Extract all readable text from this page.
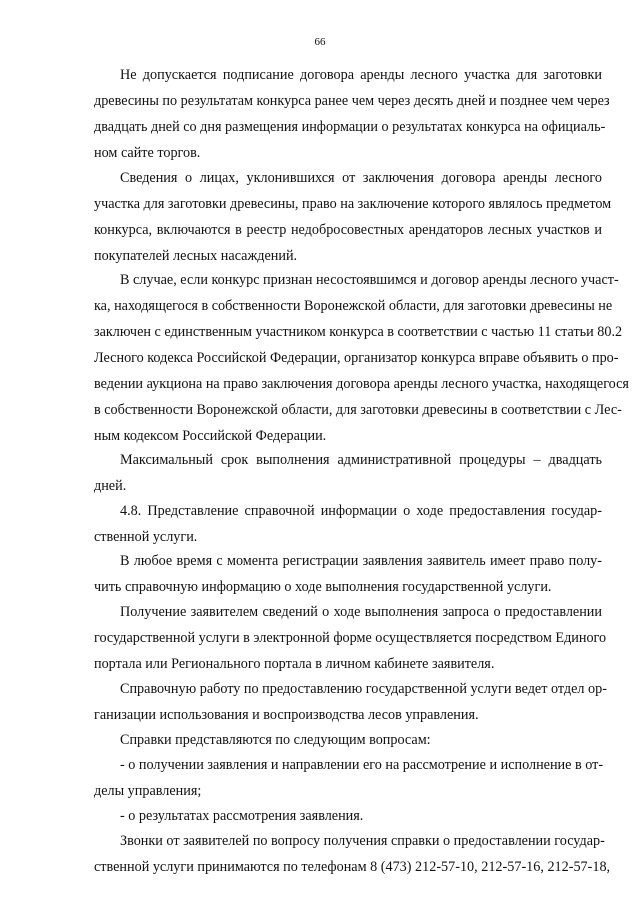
66
Не допускается подписание договора аренды лесного участка для заготовки
древесины по результатам конкурса ранее чем через десять дней и позднее чем через
двадцать дней со дня размещения информации о результатах конкурса на официаль-
ном сайте торгов.
Сведения о лицах, уклонившихся от заключения договора аренды лесного
участка для заготовки древесины, право на заключение которого являлось предметом
конкурса, включаются в реестр недобросовестных арендаторов лесных участков и
покупателей лесных насаждений.
В случае, если конкурс признан несостоявшимся и договор аренды лесного участ-
ка, находящегося в собственности Воронежской области, для заготовки древесины не
заключен с единственным участником конкурса в соответствии с частью 11 статьи 80.2
Лесного кодекса Российской Федерации, организатор конкурса вправе объявить о про-
ведении аукциона на право заключения договора аренды лесного участка, находящегося
в собственности Воронежской области, для заготовки древесины в соответствии с Лес-
ным кодексом Российской Федерации.
Максимальный срок выполнения административной процедуры – двадцать
дней.
4.8. Представление справочной информации о ходе предоставления государ-
ственной услуги.
В любое время с момента регистрации заявления заявитель имеет право полу-
чить справочную информацию о ходе выполнения государственной услуги.
Получение заявителем сведений о ходе выполнения запроса о предоставлении
государственной услуги в электронной форме осуществляется посредством Единого
портала или Регионального портала в личном кабинете заявителя.
Справочную работу по предоставлению государственной услуги ведет отдел ор-
ганизации использования и воспроизводства лесов управления.
Справки представляются по следующим вопросам:
- о получении заявления и направлении его на рассмотрение и исполнение в от-
делы управления;
- о результатах рассмотрения заявления.
Звонки от заявителей по вопросу получения справки о предоставлении государ-
ственной услуги принимаются по телефонам 8 (473) 212-57-10, 212-57-16, 212-57-18,
